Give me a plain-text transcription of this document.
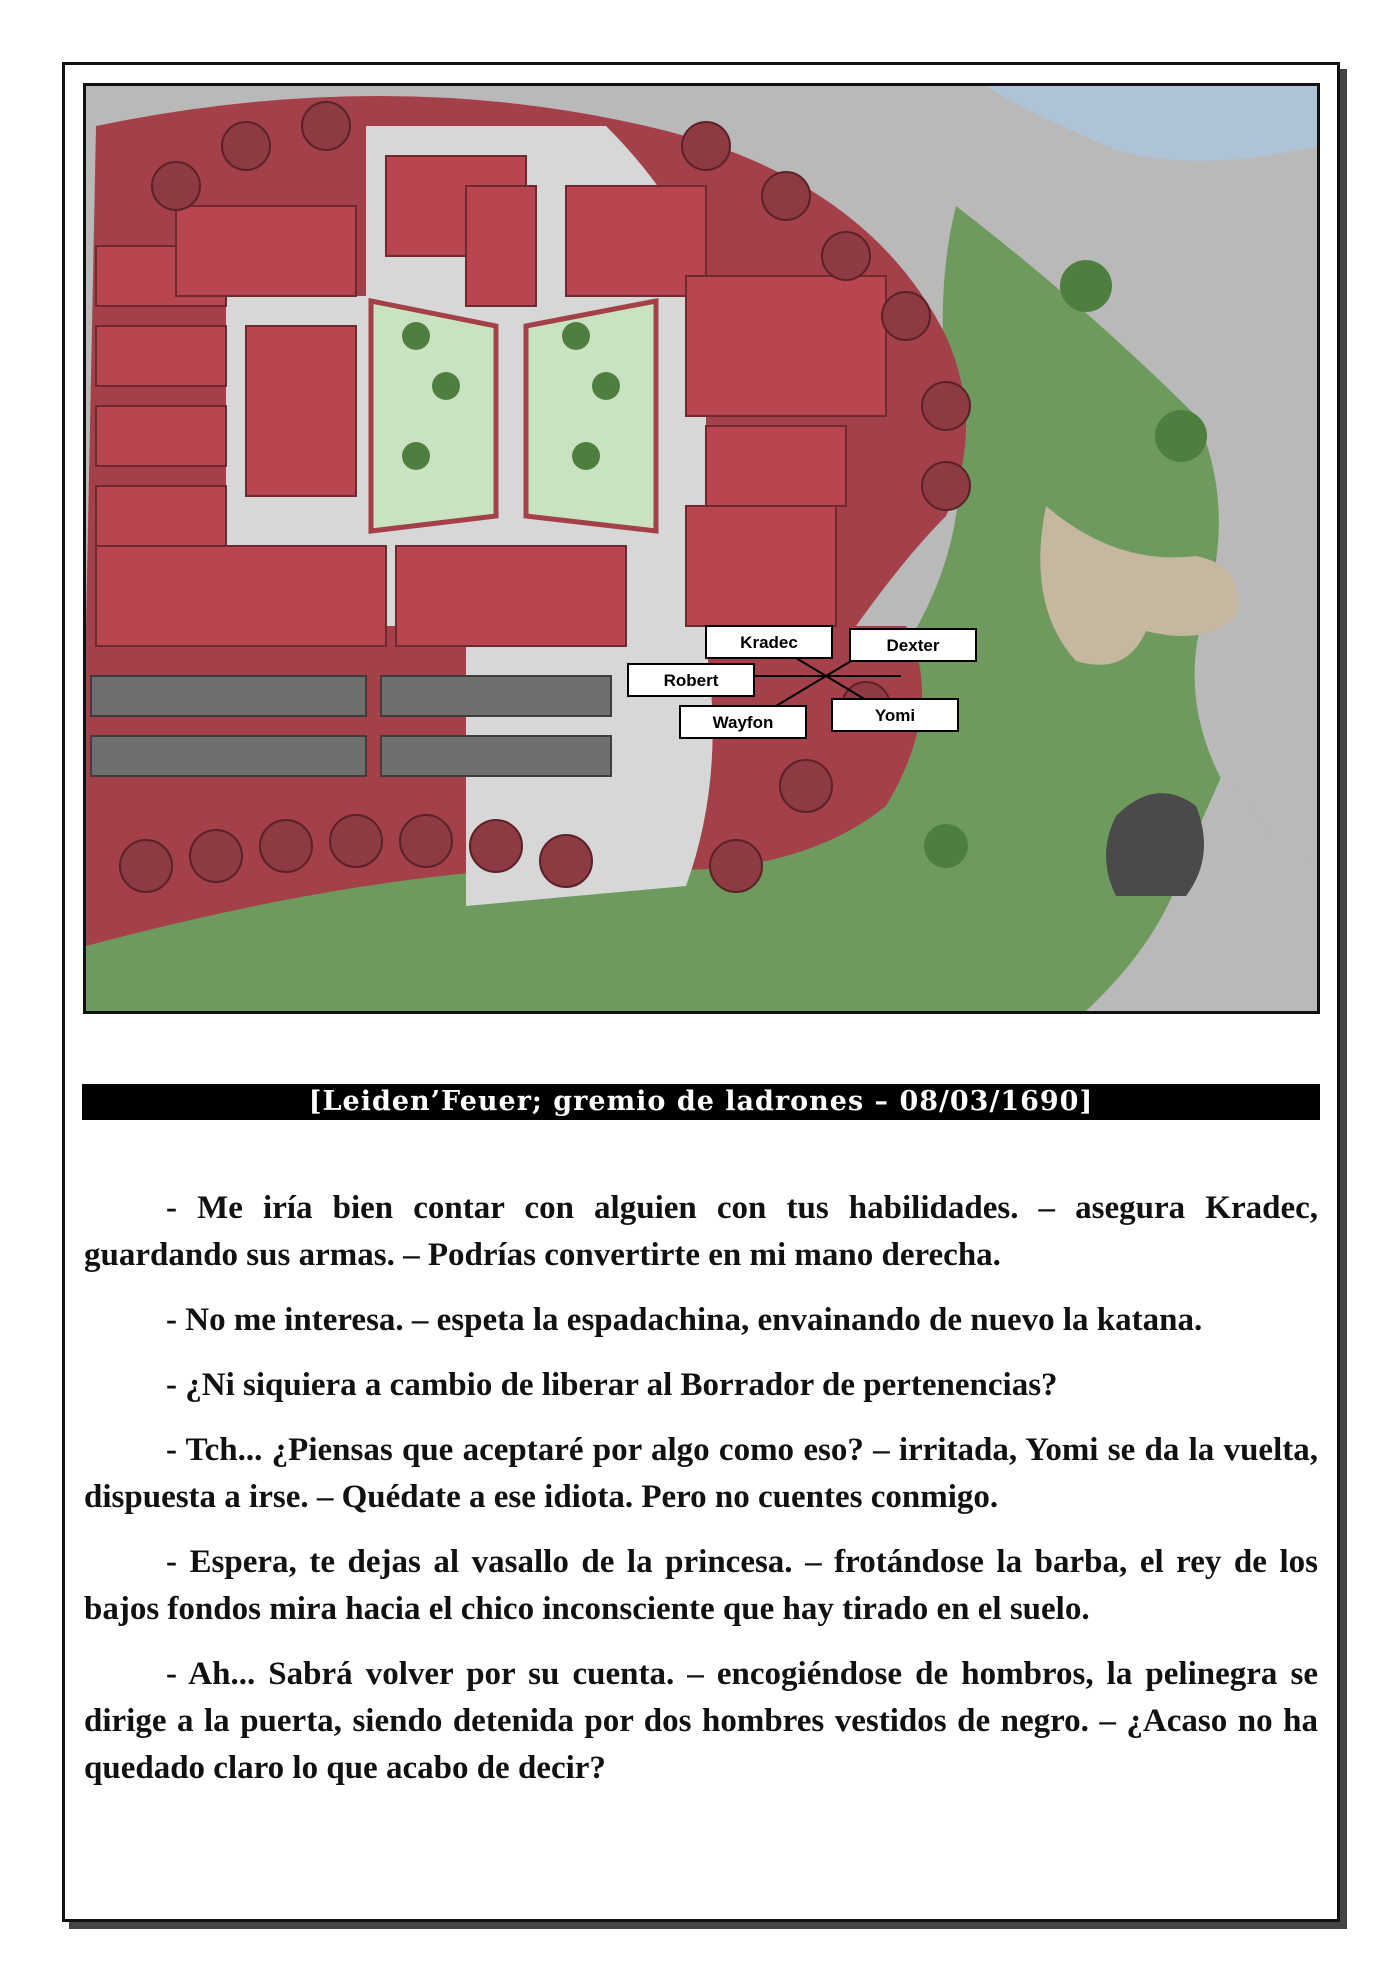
Kradec	Dexter
Robert
Wayfon	Yomi
[Leiden’Feuer; gremio de ladrones – 08/03/1690]

- Me iría bien contar con alguien con tus habilidades. – asegura Kradec, guardando sus armas. – Podrías convertirte en mi mano derecha.

- No me interesa. – espeta la espadachina, envainando de nuevo la katana.

- ¿Ni siquiera a cambio de liberar al Borrador de pertenencias?

- Tch... ¿Piensas que aceptaré por algo como eso? – irritada, Yomi se da la vuelta, dispuesta a irse. – Quédate a ese idiota. Pero no cuentes conmigo.

- Espera, te dejas al vasallo de la princesa. – frotándose la barba, el rey de los bajos fondos mira hacia el chico inconsciente que hay tirado en el suelo.

- Ah... Sabrá volver por su cuenta. – encogiéndose de hombros, la pelinegra se dirige a la puerta, siendo detenida por dos hombres vestidos de negro. – ¿Acaso no ha quedado claro lo que acabo de decir?
